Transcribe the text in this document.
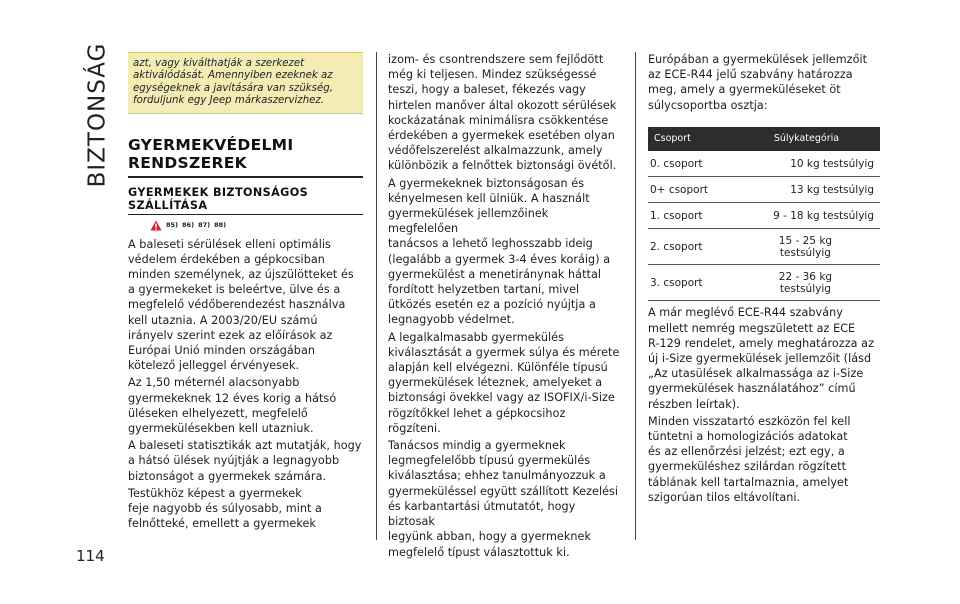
BIZTONSÁG
114

azt, vagy kiválthatják a szerkezet

aktiválódását. Amennyiben ezeknek az

egységeknek a javítására van szükség,

forduljunk egy Jeep márkaszervizhez.

GYERMEKVÉDELMI
RENDSZEREK
GYERMEKEK BIZTONSÁGOS
SZÁLLÍTÁSA
85) 86) 87) 88)
A baleseti sérülések elleni optimális
védelem érdekében a gépkocsiban
minden személynek, az újszülötteket és
a gyermekeket is beleértve, ülve és a
megfelelő védőberendezést használva
kell utaznia. A 2003/20/EU számú
irányelv szerint ezek az előírások az
Európai Unió minden országában
kötelező jelleggel érvényesek.
Az 1,50 méternél alacsonyabb
gyermekeknek 12 éves korig a hátsó
üléseken elhelyezett, megfelelő
gyermekülésekben kell utazniuk.
A baleseti statisztikák azt mutatják, hogy
a hátsó ülések nyújtják a legnagyobb
biztonságot a gyermekek számára.
Testükhöz képest a gyermekek
feje nagyobb és súlyosabb, mint a
felnőtteké, emellett a gyermekek
izom- és csontrendszere sem fejlődött
még ki teljesen. Mindez szükségessé
teszi, hogy a baleset, fékezés vagy
hirtelen manőver által okozott sérülések
kockázatának minimálisra csökkentése
érdekében a gyermekek esetében olyan
védőfelszerelést alkalmazzunk, amely
különbözik a felnőttek biztonsági övétől.
A gyermekeknek biztonságosan és
kényelmesen kell ülniük. A használt
gyermekülések jellemzőinek megfelelően
tanácsos a lehető leghosszabb ideig
(legalább a gyermek 3-4 éves koráig) a
gyermekülést a menetiránynak háttal
fordított helyzetben tartani, mivel
ütközés esetén ez a pozíció nyújtja a
legnagyobb védelmet.
A legalkalmasabb gyermekülés
kiválasztását a gyermek súlya és mérete
alapján kell elvégezni. Különféle típusú
gyermekülések léteznek, amelyeket a
biztonsági övekkel vagy az ISOFIX/i-Size
rögzítőkkel lehet a gépkocsihoz rögzíteni.
Tanácsos mindig a gyermeknek
legmegfelelőbb típusú gyermekülés
kiválasztása; ehhez tanulmányozzuk a
gyermeküléssel együtt szállított Kezelési
és karbantartási útmutatót, hogy biztosak
legyünk abban, hogy a gyermeknek
megfelelő típust választottuk ki.
Európában a gyermekülések jellemzőit
az ECE-R44 jelű szabvány határozza
meg, amely a gyermeküléseket öt
súlycsoportba osztja:
Csoport	Súlykategória
0. csoport	10 kg testsúlyig
0+ csoport	13 kg testsúlyig
1. csoport	9 - 18 kg testsúlyig
2. csoport	15 - 25 kg
testsúlyig

3. csoport	22 - 36 kg
testsúlyig
A már meglévő ECE-R44 szabvány
mellett nemrég megszületett az ECE
R-129 rendelet, amely meghatározza az
új i-Size gyermekülések jellemzőit (lásd
„Az utasülések alkalmassága az i-Size
gyermekülések használatához” című
részben leírtak).
Minden visszatartó eszközön fel kell
tüntetni a homologizációs adatokat
és az ellenőrzési jelzést; ezt egy, a
gyermeküléshez szilárdan rögzített
táblának kell tartalmaznia, amelyet
szigorúan tilos eltávolítani.
